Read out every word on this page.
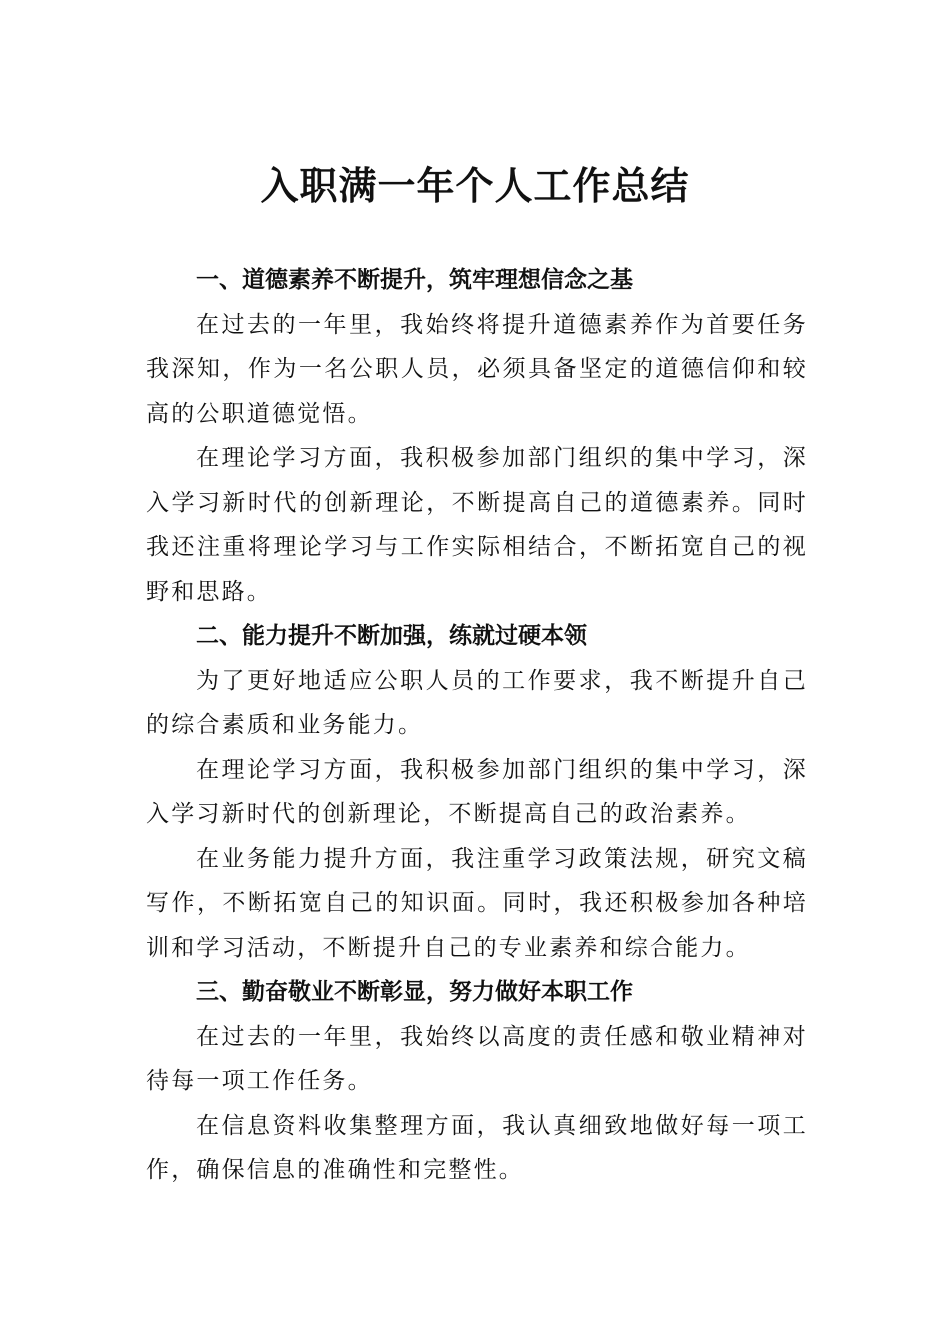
入职满一年个人工作总结

一、道德素养不断提升，筑牢理想信念之基

在过去的一年里，我始终将提升道德素养作为首要任务我深知，作为一名公职人员，必须具备坚定的道德信仰和较高的公职道德觉悟。

在理论学习方面，我积极参加部门组织的集中学习，深入学习新时代的创新理论，不断提高自己的道德素养。同时我还注重将理论学习与工作实际相结合，不断拓宽自己的视野和思路。

二、能力提升不断加强，练就过硬本领

为了更好地适应公职人员的工作要求，我不断提升自己的综合素质和业务能力。

在理论学习方面，我积极参加部门组织的集中学习，深入学习新时代的创新理论，不断提高自己的政治素养。

在业务能力提升方面，我注重学习政策法规，研究文稿写作，不断拓宽自己的知识面。同时，我还积极参加各种培训和学习活动，不断提升自己的专业素养和综合能力。

三、勤奋敬业不断彰显，努力做好本职工作

在过去的一年里，我始终以高度的责任感和敬业精神对待每一项工作任务。

在信息资料收集整理方面，我认真细致地做好每一项工作，确保信息的准确性和完整性。
